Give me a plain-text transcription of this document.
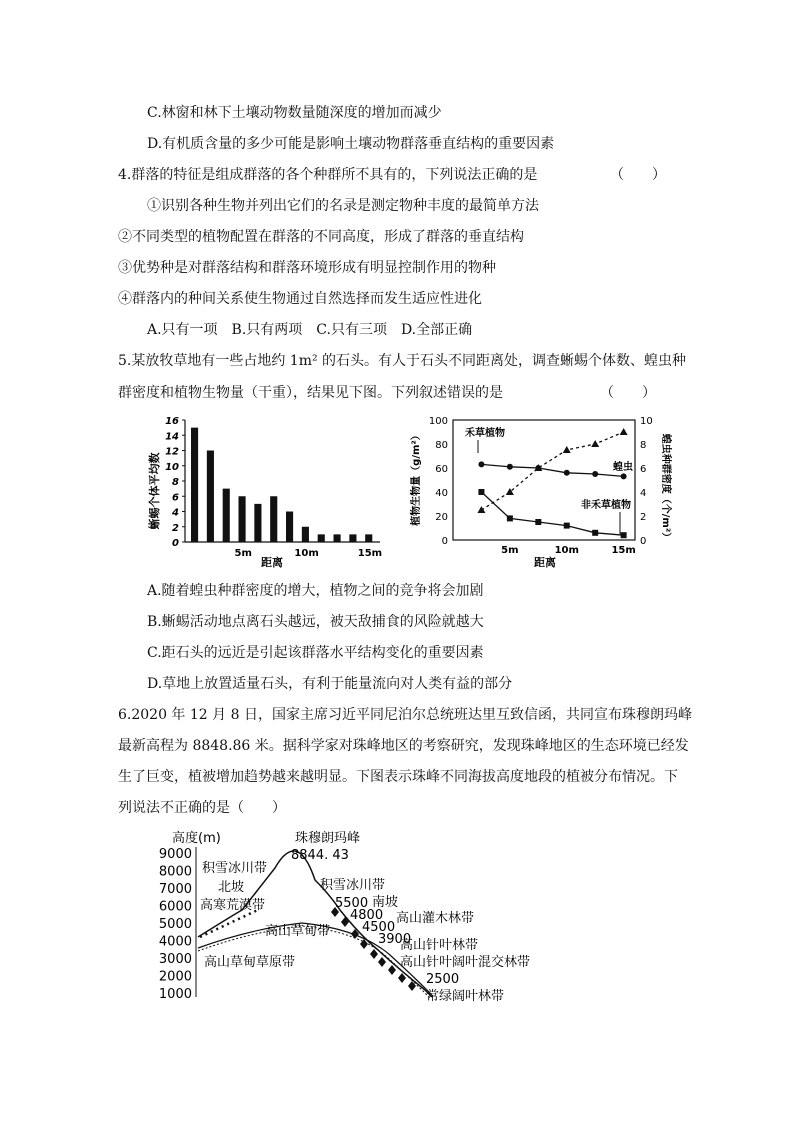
C.林窗和林下土壤动物数量随深度的增加而减少
D.有机质含量的多少可能是影响土壤动物群落垂直结构的重要因素
4.群落的特征是组成群落的各个种群所不具有的，下列说法正确的是	（　　）
①识别各种生物并列出它们的名录是测定物种丰度的最简单方法
②不同类型的植物配置在群落的不同高度，形成了群落的垂直结构
③优势种是对群落结构和群落环境形成有明显控制作用的物种
④群落内的种间关系使生物通过自然选择而发生适应性进化
A.只有一项　B.只有两项　C.只有三项　D.全部正确
5.某放牧草地有一些占地约 1m² 的石头。有人于石头不同距离处，调查蜥蜴个体数、蝗虫种
群密度和植物生物量（干重），结果见下图。下列叙述错误的是	（　　）
0
2
4
6
8
10
12
14
16
5m	10m	15m
蜥蜴个体平均数
距离
0
20
40
60
80
100
0
2
4
6
8
10
5m	10m	15m
禾草植物
非禾草植物
蝗虫
植物生物量（g/m²）	蝗虫种群密度（个/m²）
距离
A.随着蝗虫种群密度的增大，植物之间的竞争将会加剧
B.蜥蜴活动地点离石头越远，被天敌捕食的风险就越大
C.距石头的远近是引起该群落水平结构变化的重要因素
D.草地上放置适量石头，有利于能量流向对人类有益的部分
6.2020 年 12 月 8 日，国家主席习近平同尼泊尔总统班达里互致信函，共同宣布珠穆朗玛峰
最新高程为 8848.86 米。据科学家对珠峰地区的考察研究，发现珠峰地区的生态环境已经发
生了巨变，植被增加趋势越来越明显。下图表示珠峰不同海拔高度地段的植被分布情况。下
列说法不正确的是（　　）
高度(m)
9000
8000
7000
6000
5000
4000
3000
2000
1000
珠穆朗玛峰
8844. 43
积雪冰川带
北坡
高寒荒漠带
高山草甸带
高山草甸草原带
积雪冰川带
南坡
高山灌木林带
高山针叶林带
高山针叶阔叶混交林带
常绿阔叶林带
5500
4800
4500
3900
2500
